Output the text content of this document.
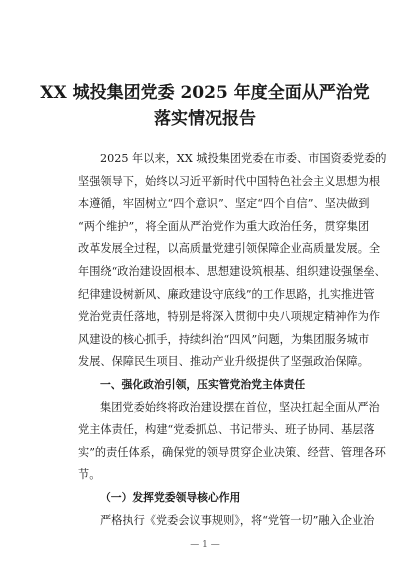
XX 城投集团党委 2025 年度全面从严治党
落实情况报告
2025 年以来，XX 城投集团党委在市委、市国资委党委的
坚强领导下，始终以习近平新时代中国特色社会主义思想为根
本遵循，牢固树立“四个意识”、坚定“四个自信”、坚决做到
“两个维护”，将全面从严治党作为重大政治任务，贯穿集团
改革发展全过程，以高质量党建引领保障企业高质量发展。全
年围绕“政治建设固根本、思想建设筑根基、组织建设强堡垒、
纪律建设树新风、廉政建设守底线”的工作思路，扎实推进管
党治党责任落地，特别是将深入贯彻中央八项规定精神作为作
风建设的核心抓手，持续纠治“四风”问题，为集团服务城市
发展、保障民生项目、推动产业升级提供了坚强政治保障。
一、强化政治引领，压实管党治党主体责任
集团党委始终将政治建设摆在首位，坚决扛起全面从严治
党主体责任，构建“党委抓总、书记带头、班子协同、基层落
实”的责任体系，确保党的领导贯穿企业决策、经营、管理各环
节。
（一）发挥党委领导核心作用
严格执行《党委会议事规则》，将“党管一切”融入企业治
— 1 —
